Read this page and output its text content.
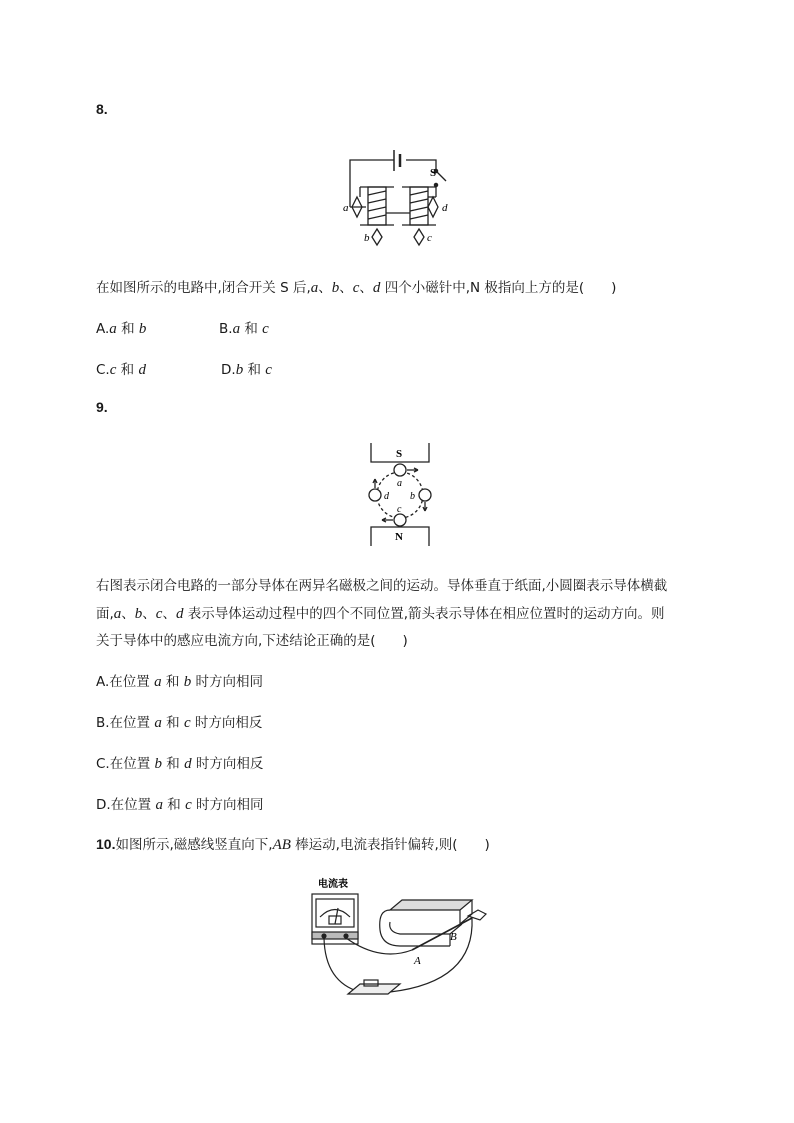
8.
S
a	d
b	c
在如图所示的电路中,闭合开关 S 后,a、b、c、d 四个小磁针中,N 极指向上方的是(　　)
A.a 和 b	B.a 和 c
C.c 和 d	D.b 和 c
9.
S
N
a
b
c
d
右图表示闭合电路的一部分导体在两异名磁极之间的运动。导体垂直于纸面,小圆圈表示导体横截
面,a、b、c、d 表示导体运动过程中的四个不同位置,箭头表示导体在相应位置时的运动方向。则
关于导体中的感应电流方向,下述结论正确的是(　　)
A.在位置 a 和 b 时方向相同
B.在位置 a 和 c 时方向相反
C.在位置 b 和 d 时方向相反
D.在位置 a 和 c 时方向相同
10.如图所示,磁感线竖直向下,AB 棒运动,电流表指针偏转,则(　　)
电流表
A
B
